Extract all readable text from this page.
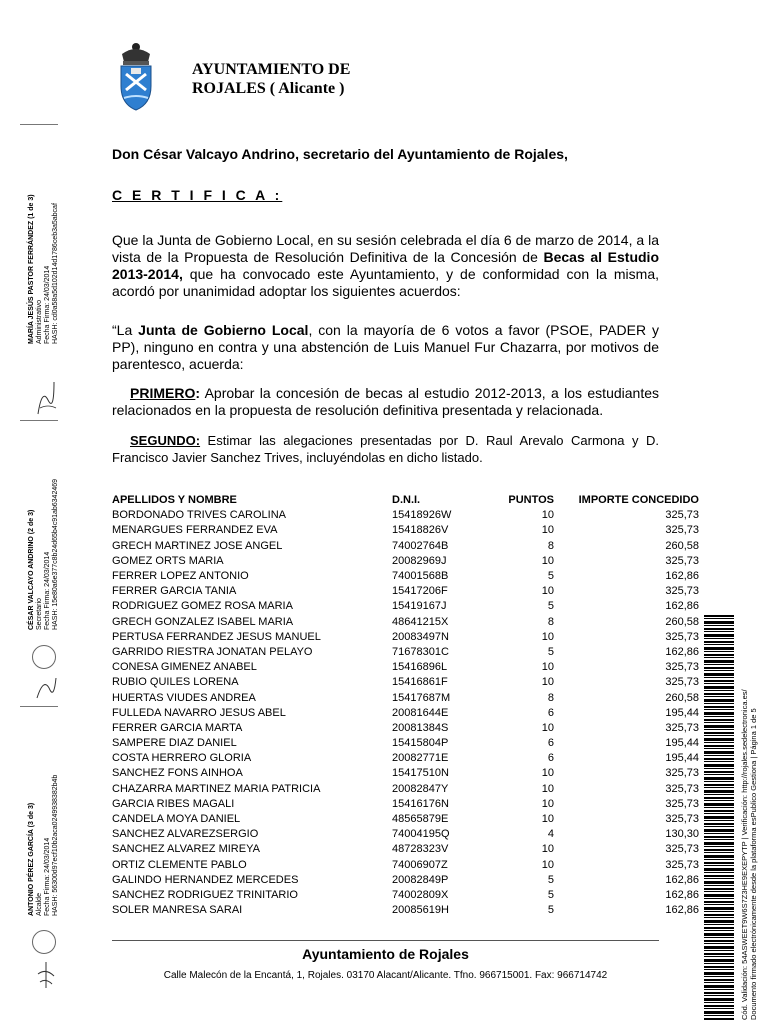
AYUNTAMIENTO DE
ROJALES ( Alicante )
MARÍA JESÚS PASTOR FERRÁNDEZ (1 de 3) Administrativo Fecha Firma: 24/03/2014 HASH: cd0a58a5d102d14d1786ceb3a5abcaf
CÉSAR VALCAYO ANDRINO (2 de 3) Secretario Fecha Firma: 24/03/2014 HASH: 15e80a6e377c8b24d65b4c91ab6342469
ANTONIO PÉREZ GARCÍA (3 de 3) Alcalde Fecha Firma: 24/03/2014 HASH: 56300d97ecf10b2aca0249938382b4b
Don César Valcayo Andrino, secretario del Ayuntamiento de Rojales,
C E R T I F I C A :
Que la Junta de Gobierno Local, en su sesión celebrada el día 6 de marzo de 2014, a la vista de la Propuesta de Resolución Definitiva de la Concesión de Becas al Estudio 2013-2014, que ha convocado este Ayuntamiento, y de conformidad con la misma, acordó por unanimidad adoptar los siguientes acuerdos:
“La Junta de Gobierno Local, con la mayoría de 6 votos a favor (PSOE, PADER y PP), ninguno en contra y una abstención de Luis Manuel Fur Chazarra, por motivos de parentesco, acuerda:
PRIMERO: Aprobar la concesión de becas al estudio 2012-2013, a los estudiantes relacionados en la propuesta de resolución definitiva presentada y relacionada.
SEGUNDO: Estimar las alegaciones presentadas por D. Raul Arevalo Carmona y D. Francisco Javier Sanchez Trives, incluyéndolas en dicho listado.
APELLIDOS Y NOMBRE	D.N.I.	PUNTOS	IMPORTE CONCEDIDO
BORDONADO TRIVES CAROLINA	15418926W	10	325,73
MENARGUES FERRANDEZ EVA	15418826V	10	325,73
GRECH MARTINEZ JOSE ANGEL	74002764B	8	260,58
GOMEZ ORTS MARIA	20082969J	10	325,73
FERRER LOPEZ ANTONIO	74001568B	5	162,86
FERRER GARCIA TANIA	15417206F	10	325,73
RODRIGUEZ GOMEZ ROSA MARIA	15419167J	5	162,86
GRECH GONZALEZ ISABEL MARIA	48641215X	8	260,58
PERTUSA FERRANDEZ JESUS MANUEL	20083497N	10	325,73
GARRIDO RIESTRA JONATAN PELAYO	71678301C	5	162,86
CONESA GIMENEZ ANABEL	15416896L	10	325,73
RUBIO QUILES LORENA	15416861F	10	325,73
HUERTAS VIUDES ANDREA	15417687M	8	260,58
FULLEDA NAVARRO JESUS ABEL	20081644E	6	195,44
FERRER GARCIA MARTA	20081384S	10	325,73
SAMPERE DIAZ DANIEL	15415804P	6	195,44
COSTA HERRERO GLORIA	20082771E	6	195,44
SANCHEZ FONS AINHOA	15417510N	10	325,73
CHAZARRA MARTINEZ MARIA PATRICIA	20082847Y	10	325,73
GARCIA RIBES MAGALI	15416176N	10	325,73
CANDELA MOYA DANIEL	48565879E	10	325,73
SANCHEZ ALVAREZSERGIO	74004195Q	4	130,30
SANCHEZ ALVAREZ MIREYA	48728323V	10	325,73
ORTIZ CLEMENTE PABLO	74006907Z	10	325,73
GALINDO HERNANDEZ MERCEDES	20082849P	5	162,86
SANCHEZ RODRIGUEZ TRINITARIO	74002809X	5	162,86
SOLER MANRESA SARAI	20085619H	5	162,86
Ayuntamiento de Rojales
Calle Malecón de la Encantá, 1, Rojales. 03170 Alacant/Alicante. Tfno. 966715001. Fax: 966714742	Cód. Validación: 54ASWEET9W6S7Z3HE9EXEPYTP | Verificación: http://rojales.sedelectronica.es/ Documento firmado electrónicamente desde la plataforma esPublico Gestiona | Página 1 de 5
